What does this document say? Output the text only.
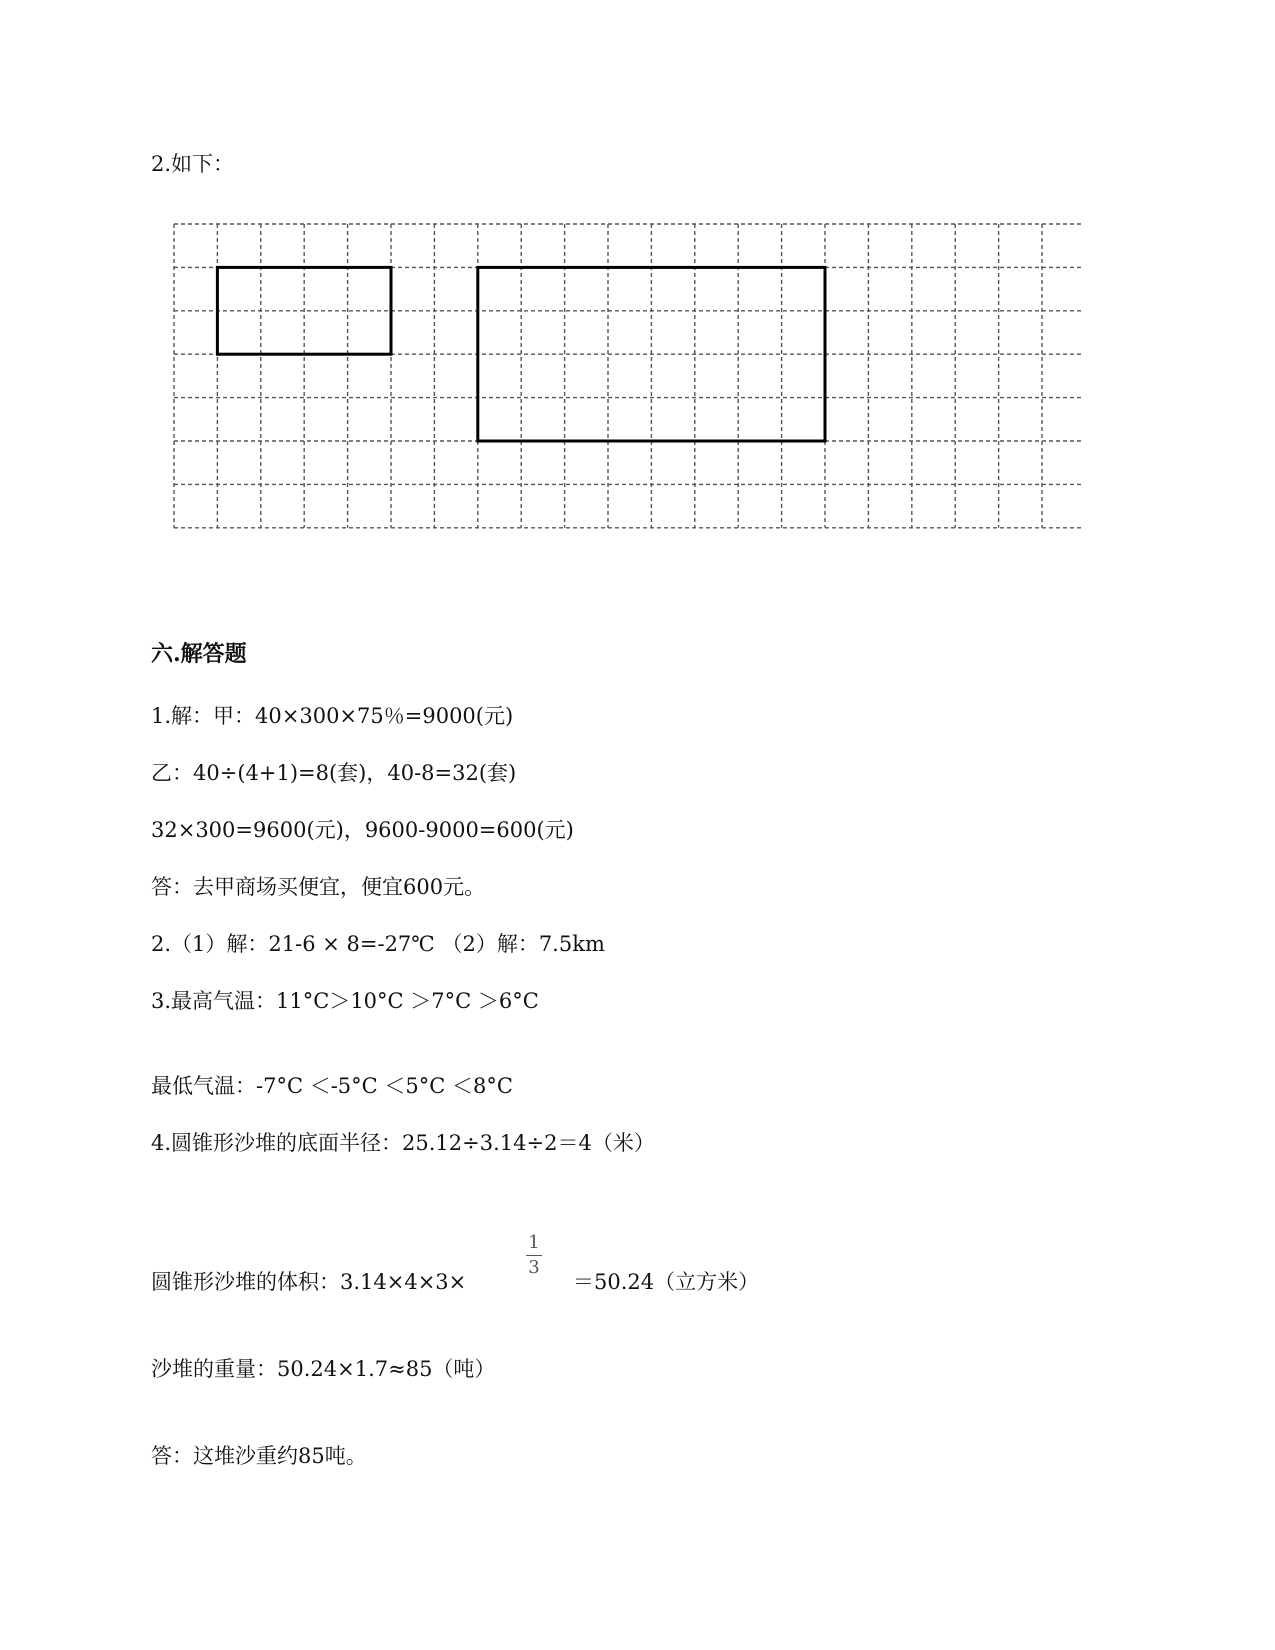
2.如下：
六.解答题
1.解：甲：40×300×75％=9000(元)
乙：40÷(4+1)=8(套)，40-8=32(套)
32×300=9600(元)，9600-9000=600(元)
答：去甲商场买便宜，便宜600元。
2.（1）解：21-6 × 8=-27℃ （2）解：7.5km
3.最高气温：11°C＞10°C ＞7°C ＞6°C
最低气温：-7°C ＜-5°C ＜5°C ＜8°C
4.圆锥形沙堆的底面半径：25.12÷3.14÷2＝4（米）
圆锥形沙堆的体积：3.14×4×3×
1
3
＝50.24（立方米）
沙堆的重量：50.24×1.7≈85（吨）
答：这堆沙重约85吨。
